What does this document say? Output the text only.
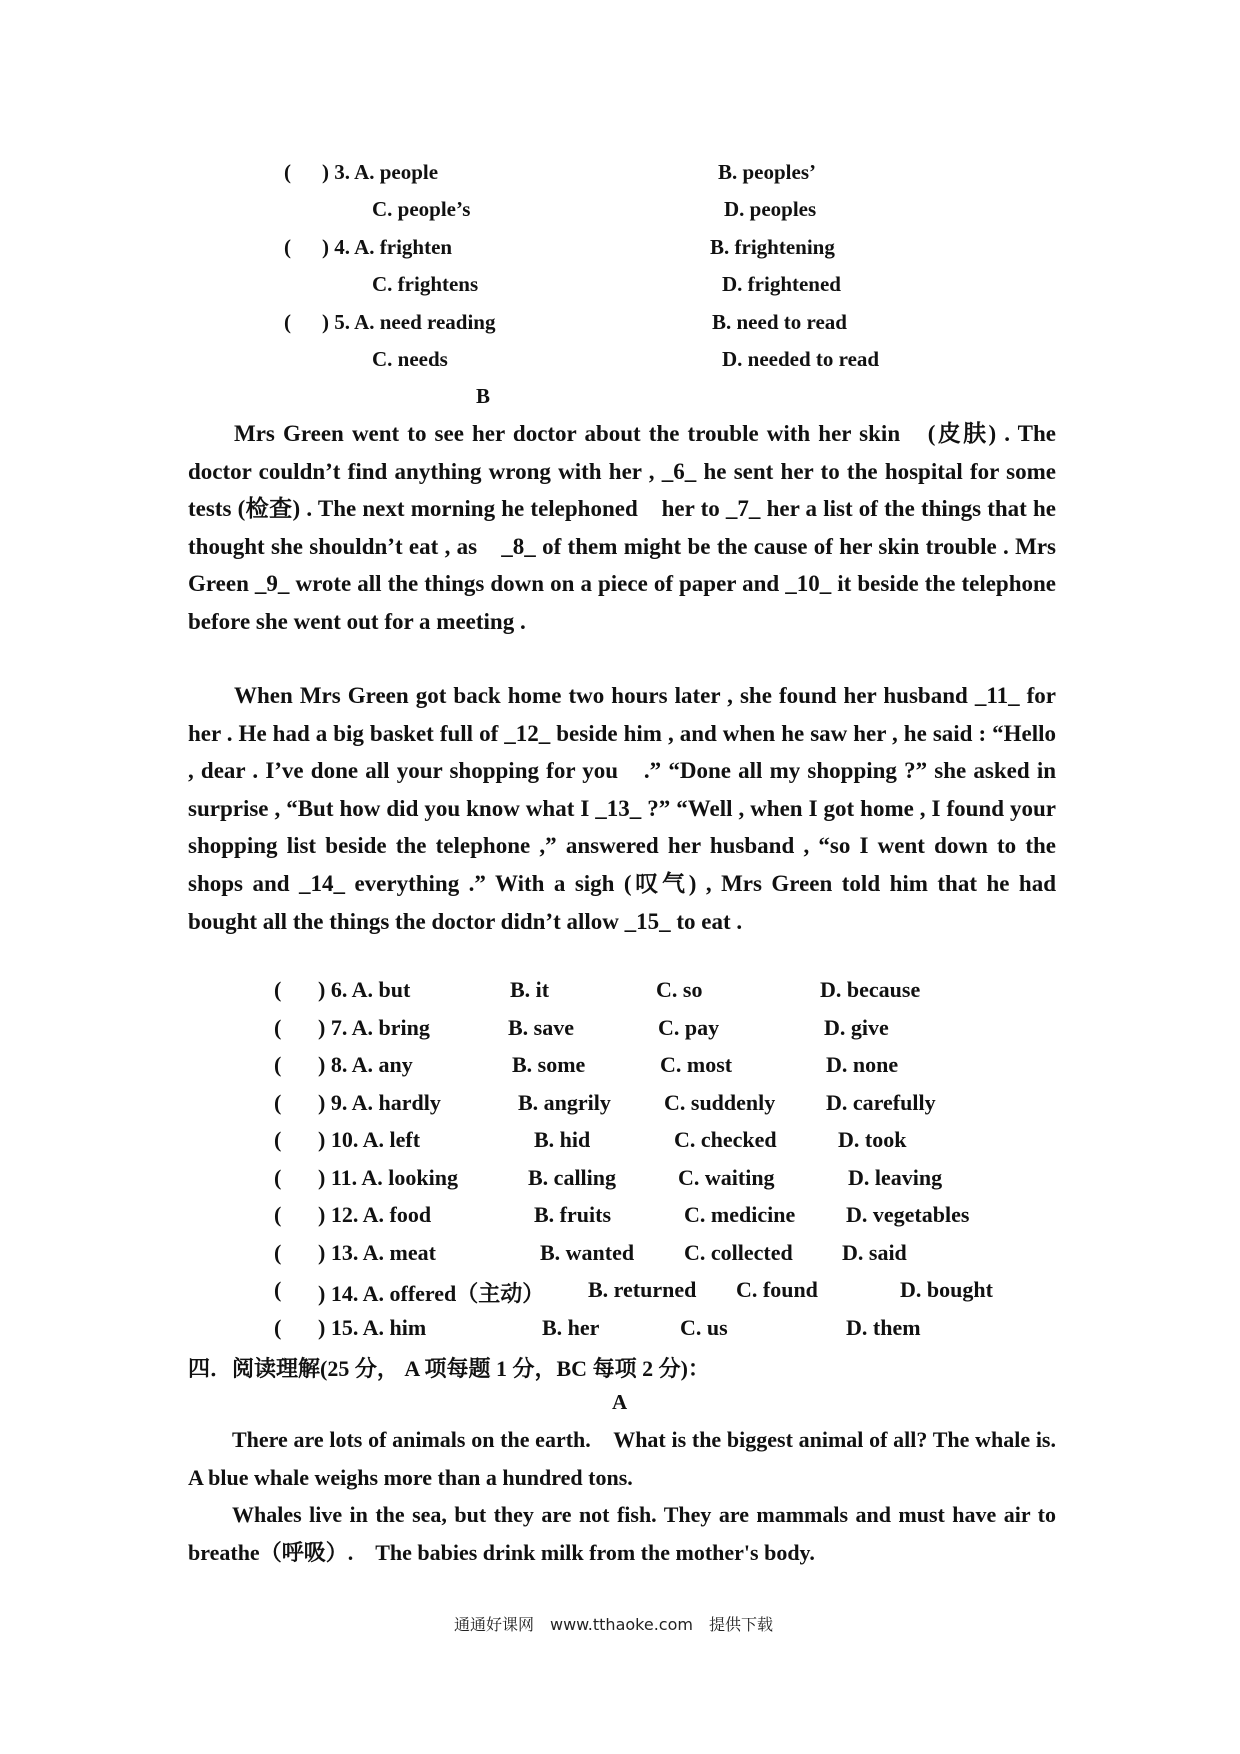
( ) 3. A. people	B. peoples’
C. people’s	D. peoples
( ) 4. A. frighten	B. frightening
C. frightens	D. frightened
( ) 5. A. need reading	B. need to read
C. needs	D. needed to read
B
Mrs Green went to see her doctor about the trouble with her skin　(皮肤) . The doctor couldn’t find anything wrong with her , _6_ he sent her to the hospital for some tests (检查) . The next morning he telephoned　her to _7_ her a list of the things that he thought she shouldn’t eat , as　_8_ of them might be the cause of her skin trouble . Mrs Green _9_ wrote all the things down on a piece of paper and _10_ it beside the telephone before she went out for a meeting .
When Mrs Green got back home two hours later , she found her husband _11_ for her . He had a big basket full of _12_ beside him , and when he saw her , he said : “Hello , dear . I’ve done all your shopping for you　.” “Done all my shopping ?” she asked in surprise , “But how did you know what I _13_ ?” “Well , when I got home , I found your shopping list beside the telephone ,” answered her husband , “so I went down to the shops and _14_ everything .” With a sigh (叹气) , Mrs Green told him that he had bought all the things the doctor didn’t allow _15_ to eat .
( ) 6. A. but	B. it	C. so	D. because
( ) 7. A. bring	B. save	C. pay	D. give
( ) 8. A. any	B. some	C. most	D. none
( ) 9. A. hardly	B. angrily C. suddenly D. carefully
( ) 10. A. left	B. hid	C. checked	D. took
( ) 11. A. looking	B. calling	C. waiting	D. leaving
( ) 12. A. food	B. fruits	C. medicine D. vegetables
( ) 13. A. meat	B. wanted C. collected D. said
( ) 14. A. offered（主动） B. returned C. found	D. bought
( ) 15. A. him	B. her	C. us	D. them
四．阅读理解(25 分， A 项每题 1 分，BC 每项 2 分)：
A
There are lots of animals on the earth.　What is the biggest animal of all? The whale is.　A blue whale weighs more than a hundred tons.
Whales live in the sea, but they are not fish. They are mammals and must have air to breathe（呼吸）.　The babies drink milk from the mother's body.
通通好课网　www.tthaoke.com　提供下载
